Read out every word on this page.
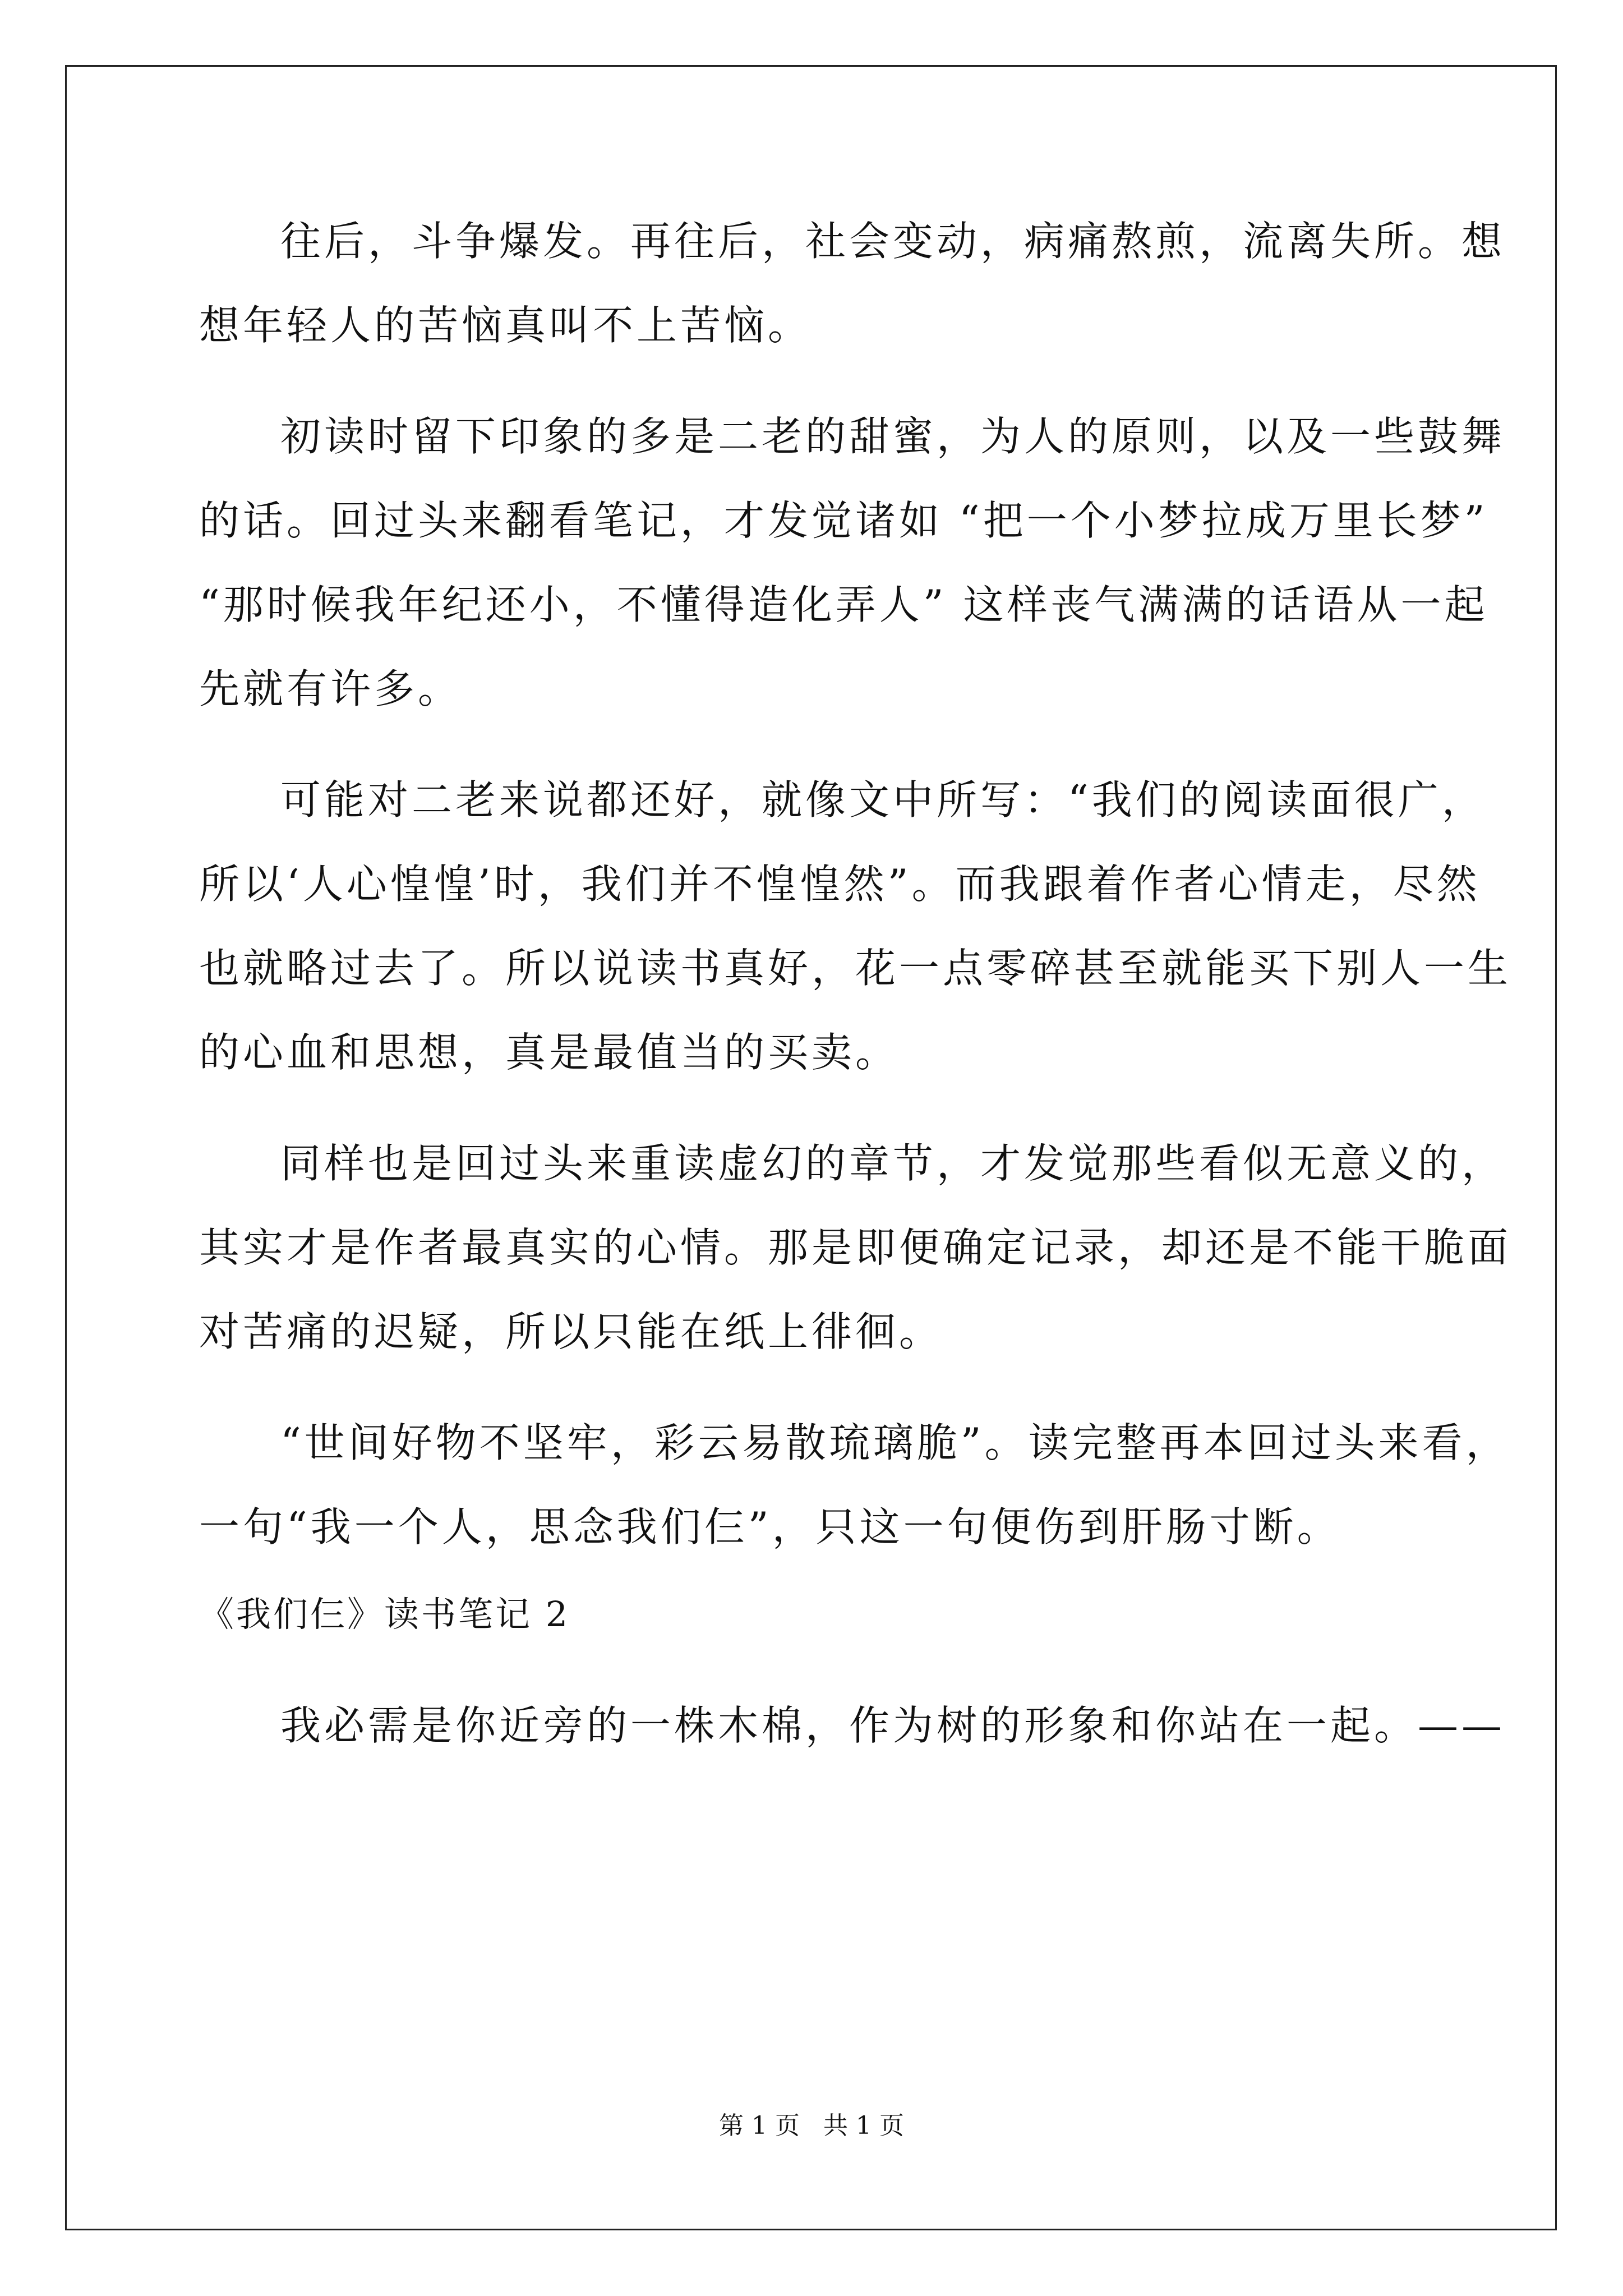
往后，斗争爆发。再往后，社会变动，病痛熬煎，流离失所。想
想年轻人的苦恼真叫不上苦恼。
初读时留下印象的多是二老的甜蜜，为人的原则，以及一些鼓舞
的话。回过头来翻看笔记，才发觉诸如 “把一个小梦拉成万里长梦”
“那时候我年纪还小，不懂得造化弄人” 这样丧气满满的话语从一起
先就有许多。
可能对二老来说都还好，就像文中所写：“我们的阅读面很广，
所以‘人心惶惶’时，我们并不惶惶然”。而我跟着作者心情走，尽然
也就略过去了。所以说读书真好，花一点零碎甚至就能买下别人一生
的心血和思想，真是最值当的买卖。
同样也是回过头来重读虚幻的章节，才发觉那些看似无意义的，
其实才是作者最真实的心情。那是即便确定记录，却还是不能干脆面
对苦痛的迟疑，所以只能在纸上徘徊。
“世间好物不坚牢，彩云易散琉璃脆”。读完整再本回过头来看，
一句“我一个人，思念我们仨”，只这一句便伤到肝肠寸断。
《我们仨》读书笔记 2
我必需是你近旁的一株木棉，作为树的形象和你站在一起。——
第 1 页   共 1 页
